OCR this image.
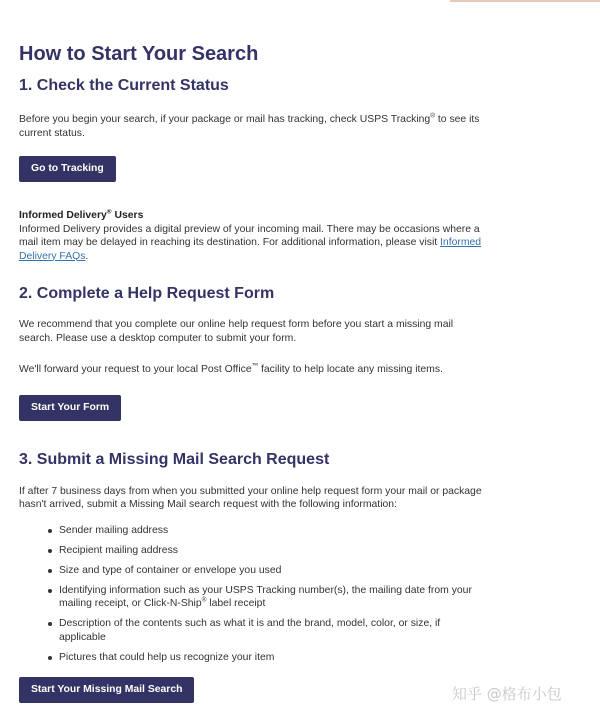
How to Start Your Search
1. Check the Current Status

Before you begin your search, if your package or mail has tracking, check USPS Tracking® to see its current status.

Go to Tracking

Informed Delivery® Users

Informed Delivery provides a digital preview of your incoming mail. There may be occasions where a mail item may be delayed in reaching its destination. For additional information, please visit Informed Delivery FAQs.

2. Complete a Help Request Form

We recommend that you complete our online help request form before you start a missing mail search. Please use a desktop computer to submit your form.

We'll forward your request to your local Post Office™ facility to help locate any missing items.

Start Your Form
3. Submit a Missing Mail Search Request

If after 7 business days from when you submitted your online help request form your mail or package hasn't arrived, submit a Missing Mail search request with the following information:

Sender mailing address
Recipient mailing address
Size and type of container or envelope you used
Identifying information such as your USPS Tracking number(s), the mailing date from your mailing receipt, or Click-N-Ship® label receipt
Description of the contents such as what it is and the brand, model, color, or size, if applicable
Pictures that could help us recognize your item
Start Your Missing Mail Search	知乎 @格布小包
